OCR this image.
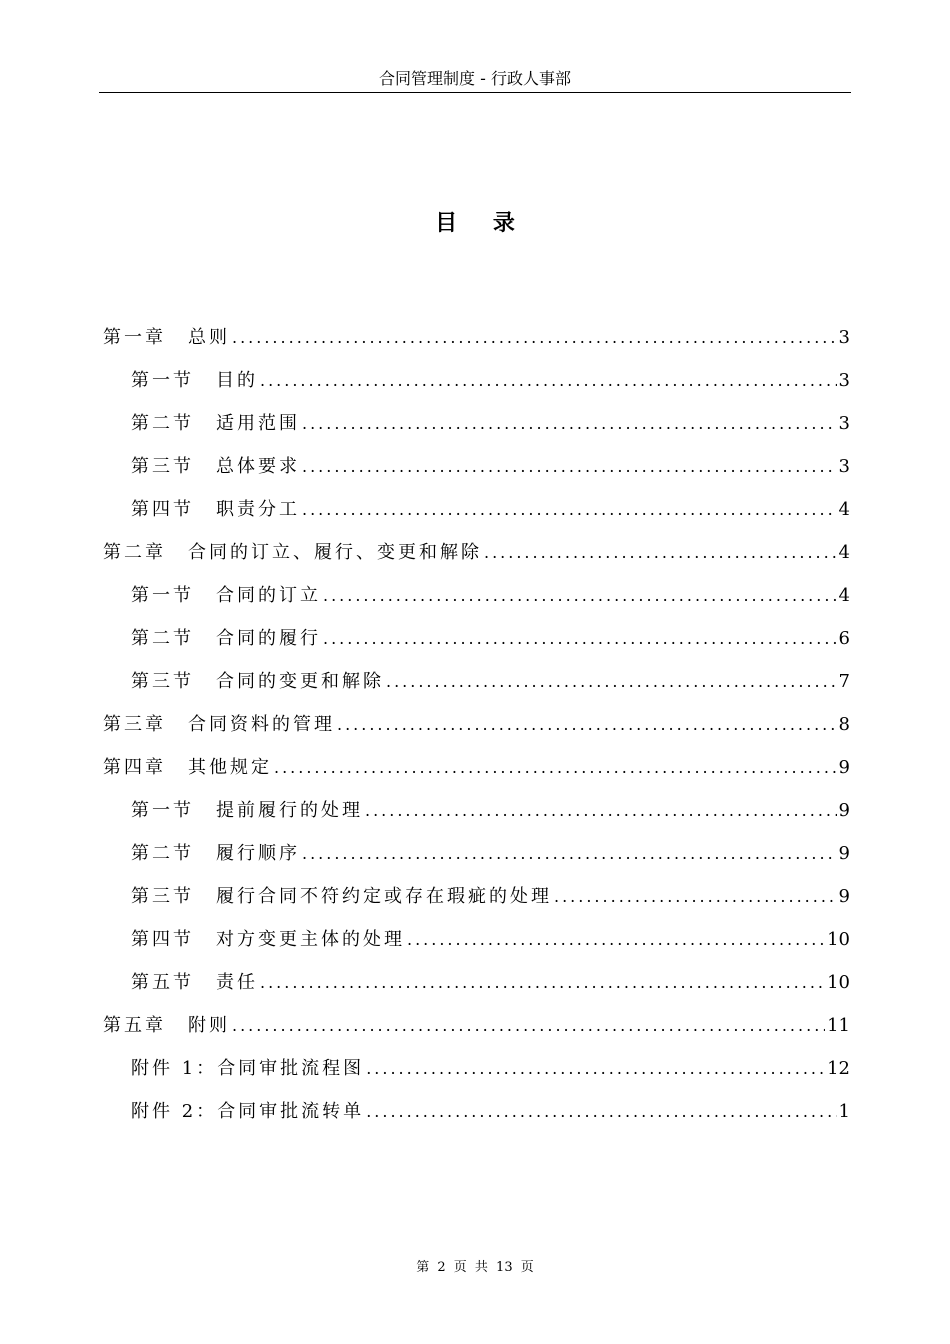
合同管理制度 - 行政人事部
目 录
第一章 总则 .....	3
第一节 目的 .....	3
第二节 适用范围 .....	3
第三节 总体要求 .....	3
第四节 职责分工 .....	4
第二章 合同的订立、履行、变更和解除 .....	4
第一节 合同的订立 .....	4
第二节 合同的履行 .....	6
第三节 合同的变更和解除 .....	7
第三章 合同资料的管理 .....	8
第四章 其他规定 .....	9
第一节 提前履行的处理 .....	9
第二节 履行顺序 .....	9
第三节 履行合同不符约定或存在瑕疵的处理 .....	9
第四节 对方变更主体的处理 .....	10
第五节 责任 .....	10
第五章 附则 .....	11
附件 1：合同审批流程图 .....	12
附件 2：合同审批流转单 .....	1
第 2 页 共 13 页
